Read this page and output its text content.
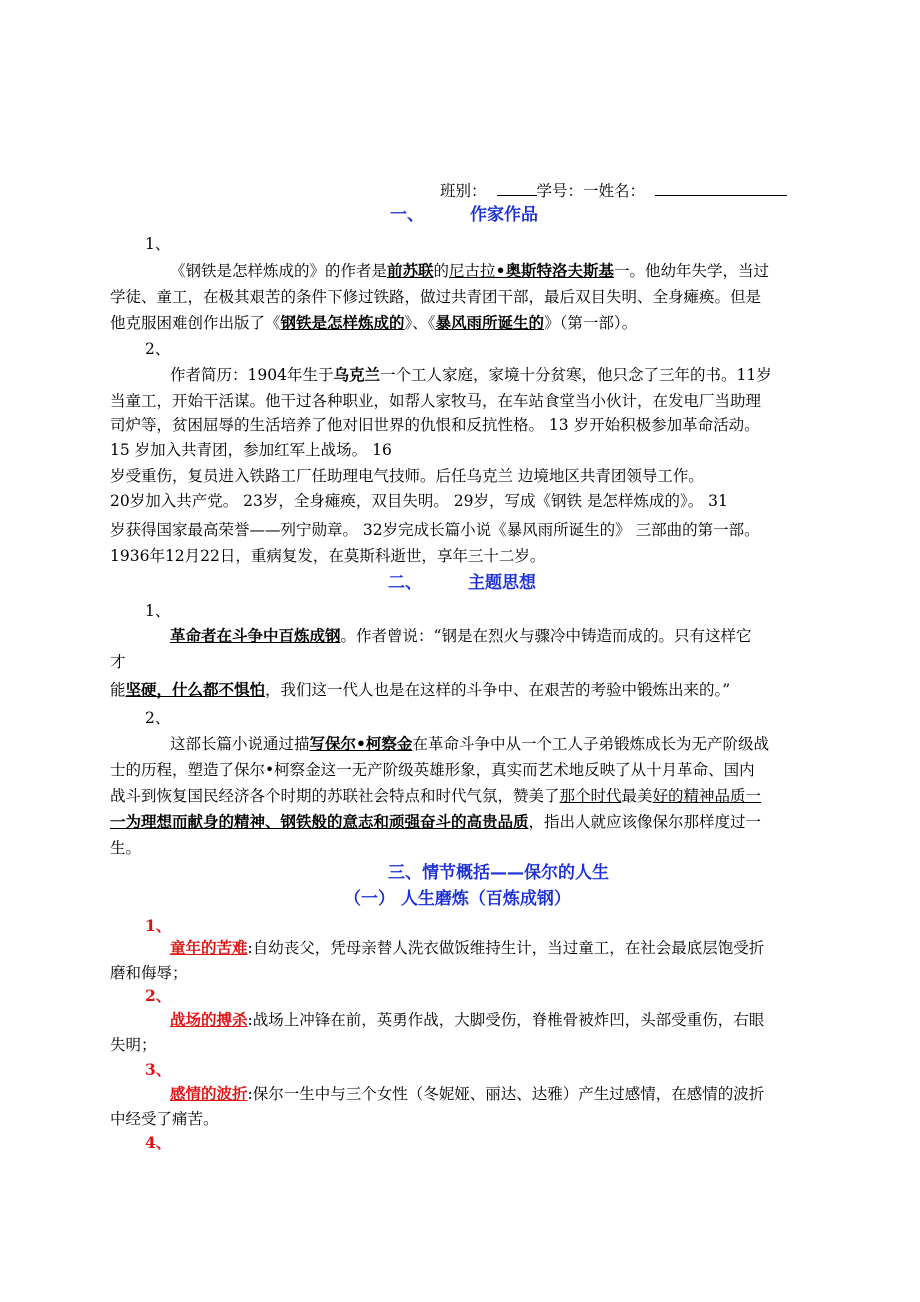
班别：	学号：一姓名：
一、	作家作品
1、
《钢铁是怎样炼成的》的作者是前苏联的尼古拉•奥斯特洛夫斯基一。他幼年失学，当过
学徒、童工，在极其艰苦的条件下修过铁路，做过共青团干部，最后双目失明、全身瘫痪。但是
他克服困难创作出版了《钢铁是怎样炼成的》、《暴风雨所诞生的》（第一部）。
2、
作者简历：1904年生于乌克兰一个工人家庭，家境十分贫寒，他只念了三年的书。11岁
当童工，开始干活谋。他干过各种职业，如帮人家牧马，在车站食堂当小伙计，在发电厂当助理
司炉等，贫困屈辱的生活培养了他对旧世界的仇恨和反抗性格。 13 岁开始积极参加革命活动。
15 岁加入共青团，参加红军上战场。 16
岁受重伤，复员进入铁路工厂任助理电气技师。后任乌克兰 边境地区共青团领导工作。
20岁加入共产党。 23岁，全身瘫痪，双目失明。 29岁，写成《钢铁 是怎样炼成的》。 31
岁获得国家最高荣誉——列宁勋章。 32岁完成长篇小说《暴风雨所诞生的》 三部曲的第一部。
1936年12月22日，重病复发，在莫斯科逝世，享年三十二岁。
二、	主题思想
1、
革命者在斗争中百炼成钢。作者曾说：“钢是在烈火与骤冷中铸造而成的。只有这样它
才
能坚硬，什么都不惧怕，我们这一代人也是在这样的斗争中、在艰苦的考验中锻炼出来的。”
2、
这部长篇小说通过描写保尔•柯察金在革命斗争中从一个工人子弟锻炼成长为无产阶级战
士的历程，塑造了保尔•柯察金这一无产阶级英雄形象，真实而艺术地反映了从十月革命、国内
战斗到恢复国民经济各个时期的苏联社会特点和时代气氛，赞美了那个时代最美好的精神品质一
一为理想而献身的精神、钢铁般的意志和顽强奋斗的高贵品质，指出人就应该像保尔那样度过一
生。
三、情节概括——保尔的人生
（一） 人生磨炼（百炼成钢）
1、
童年的苦难:自幼丧父，凭母亲替人洗衣做饭维持生计，当过童工，在社会最底层饱受折
磨和侮辱；
2、
战场的搏杀:战场上冲锋在前，英勇作战，大脚受伤，脊椎骨被炸凹，头部受重伤，右眼
失明；
3、
感情的波折:保尔一生中与三个女性（冬妮娅、丽达、达雅）产生过感情，在感情的波折
中经受了痛苦。
4、
